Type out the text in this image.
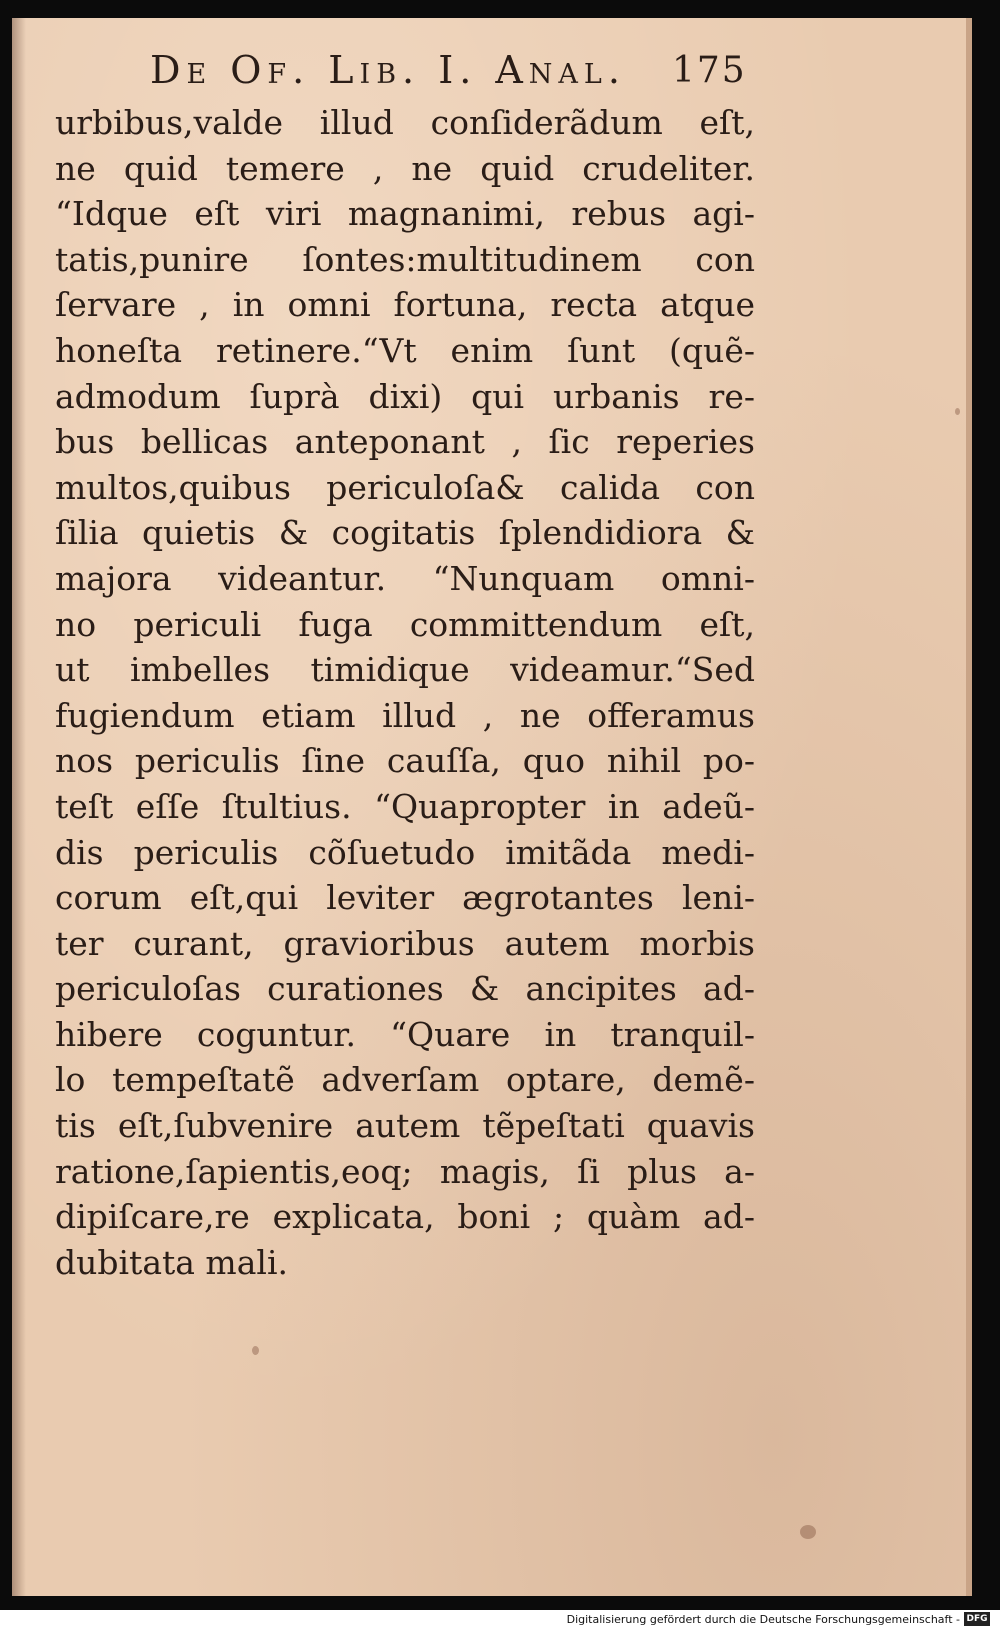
De Of. Lib. I. Anal. 175
urbibus,valde illud conſiderãdum eſt,
ne quid temere , ne quid crudeliter.
“Idque eſt viri magnanimi, rebus agi-
tatis,punire ſontes:multitudinem con
ſervare , in omni fortuna, recta atque
honeſta retinere.“Vt enim ſunt (quẽ-
admodum ſuprà dixi) qui urbanis re-
bus bellicas anteponant , ſic reperies
multos,quibus periculoſa& calida con
ſilia quietis & cogitatis ſplendidiora &
majora videantur. “Nunquam omni-
no periculi fuga committendum eſt,
ut imbelles timidique videamur.“Sed
fugiendum etiam illud , ne offeramus
nos periculis ſine cauſſa, quo nihil po-
teſt eſſe ſtultius. “Quapropter in adeũ-
dis periculis cõſuetudo imitãda medi-
corum eſt,qui leviter ægrotantes leni-
ter curant, gravioribus autem morbis
periculoſas curationes & ancipites ad-
hibere coguntur. “Quare in tranquil-
lo tempeſtatẽ adverſam optare, demẽ-
tis eſt,ſubvenire autem tẽpeſtati quavis
ratione,ſapientis,eoq; magis, ſi plus a-
dipiſcare,re explicata, boni ; quàm ad-
dubitata mali.
Digitalisierung gefördert durch die Deutsche Forschungsgemeinschaft - DFG
